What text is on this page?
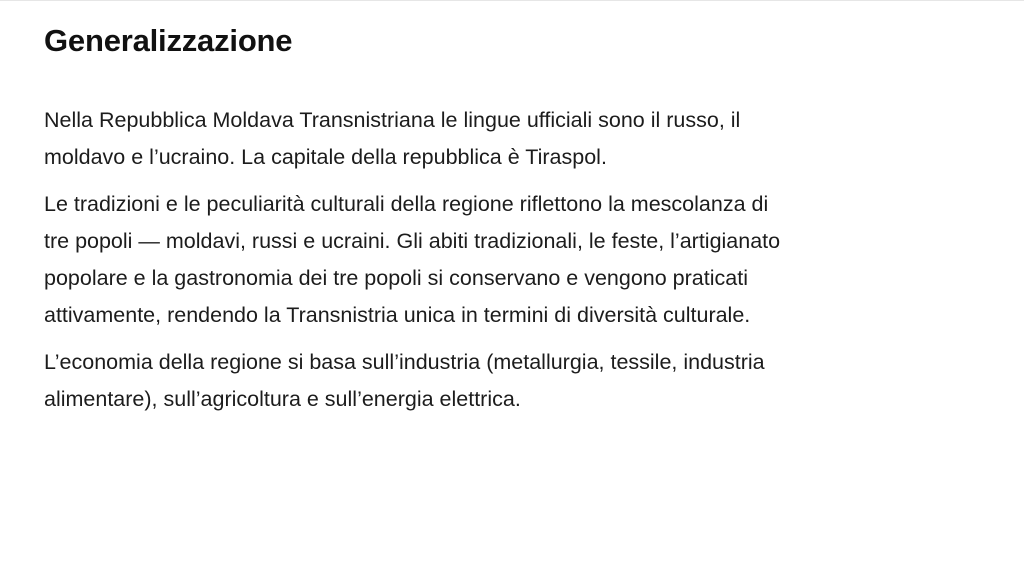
Generalizzazione

Nella Repubblica Moldava Transnistriana le lingue ufficiali sono il russo, il
moldavo e l’ucraino. La capitale della repubblica è Tiraspol.

Le tradizioni e le peculiarità culturali della regione riflettono la mescolanza di
tre popoli — moldavi, russi e ucraini. Gli abiti tradizionali, le feste, l’artigianato
popolare e la gastronomia dei tre popoli si conservano e vengono praticati
attivamente, rendendo la Transnistria unica in termini di diversità culturale.

L’economia della regione si basa sull’industria (metallurgia, tessile, industria
alimentare), sull’agricoltura e sull’energia elettrica.
